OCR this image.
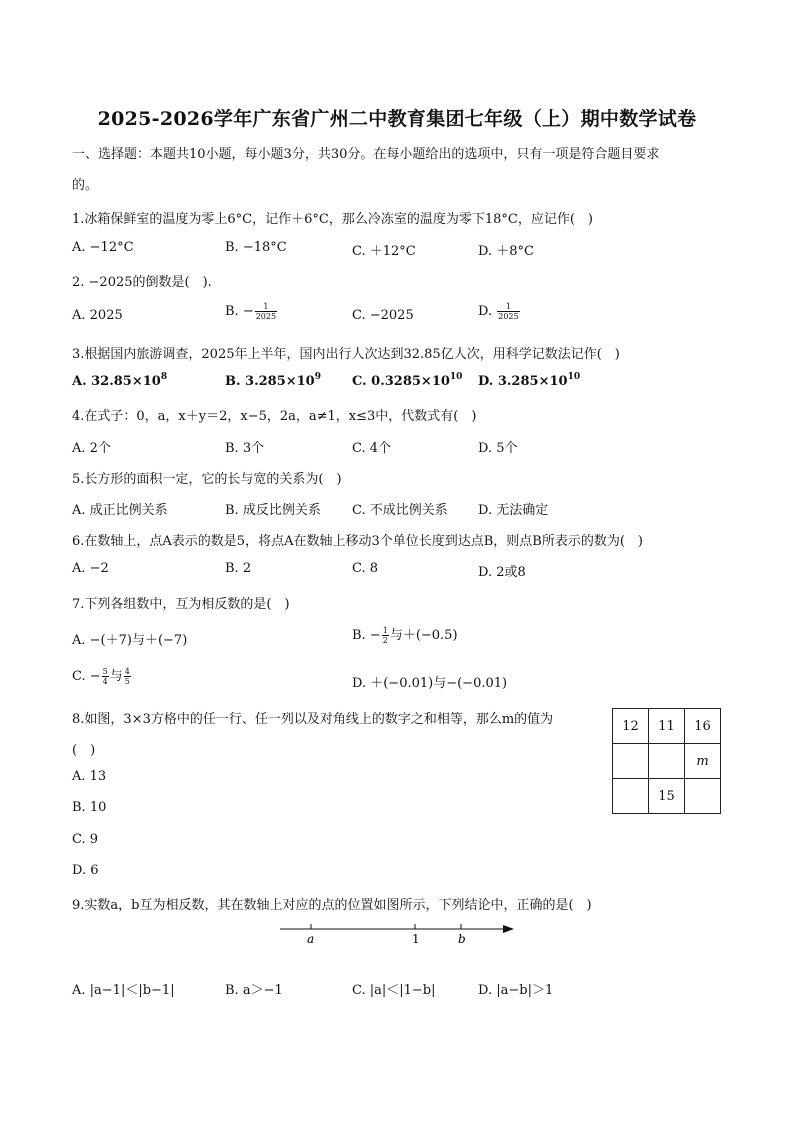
2025-2026学年广东省广州二中教育集团七年级（上）期中数学试卷
一、选择题：本题共10小题，每小题3分，共30分。在每小题给出的选项中，只有一项是符合题目要求
的。
1.冰箱保鲜室的温度为零上6°C，记作＋6°C，那么冷冻室的温度为零下18°C，应记作(　)
A. −12°C	B. −18°C	C. ＋12°C	D. ＋8°C
2. −2025的倒数是(　).
A. 2025	B. − $\frac{1}{2025}$	C. −2025	D. $\frac{1}{2025}$
3.根据国内旅游调查，2025年上半年，国内出行人次达到32.85亿人次，用科学记数法记作(　)
A. $32.85\times 10^8$	B. $3.285\times 10^9$ C. $0.3285\times 10^{10}$ D. $3.285\times 10^{10}$
4.在式子：0，a，x＋y＝2，x−5，2a，a≠1，x≤3中，代数式有(　)
A. 2个	B. 3个	C. 4个	D. 5个
5.长方形的面积一定，它的长与宽的关系为(　)
A. 成正比例关系	B. 成反比例关系 C. 不成比例关系 D. 无法确定
6.在数轴上，点A表示的数是5，将点A在数轴上移动3个单位长度到达点B，则点B所表示的数为(　)
A. −2	B. 2	C. 8	D. 2或8
7.下列各组数中，互为相反数的是(　)
A. −(＋7)与＋(−7)	B. − $\frac{1}{2}$ 与＋(−0.5)
C. − $\frac{5}{4}$ 与 $\frac{4}{5}$	D. ＋(−0.01)与−(−0.01)
8.如图，3×3方格中的任一行、任一列以及对角线上的数字之和相等，那么m的值为
(　)
A. 13
B. 10
C. 9
D. 6
12	11	16
		m
	15	
9.实数a，b互为相反数，其在数轴上对应的点的位置如图所示，下列结论中，正确的是(　)
a	1	b
A. |a−1|＜|b−1|	B. a＞−1	C. |a|＜|1−b|	D. |a−b|＞1
